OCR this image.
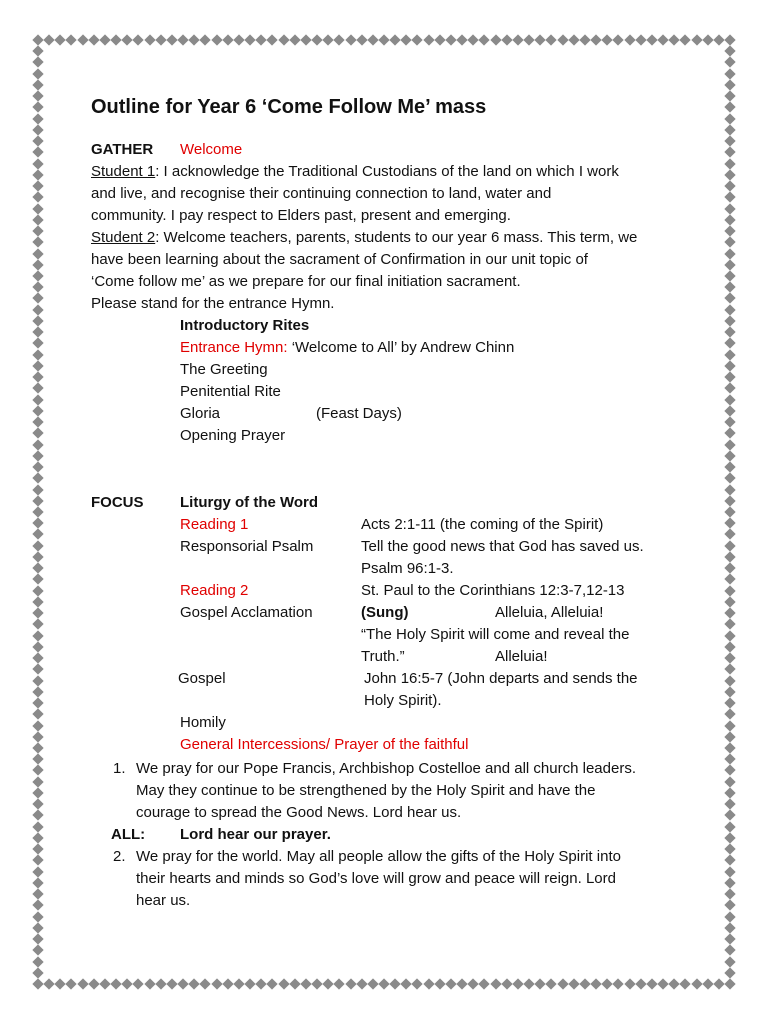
Outline for Year 6 ‘Come Follow Me’ mass
GATHER Welcome
Student 1: I acknowledge the Traditional Custodians of the land on which I work
and live, and recognise their continuing connection to land, water and
community. I pay respect to Elders past, present and emerging.
Student 2: Welcome teachers, parents, students to our year 6 mass. This term, we
have been learning about the sacrament of Confirmation in our unit topic of
‘Come follow me’ as we prepare for our final initiation sacrament.
Please stand for the entrance Hymn.
Introductory Rites
Entrance Hymn: ‘Welcome to All’ by Andrew Chinn
The Greeting
Penitential Rite
Gloria	(Feast Days)
Opening Prayer
FOCUS Liturgy of the Word
Reading 1	Acts 2:1-11 (the coming of the Spirit)
Responsorial Psalm	Tell the good news that God has saved us.
Psalm 96:1-3.
Reading 2	St. Paul to the Corinthians 12:3-7,12-13
Gospel Acclamation	(Sung)	Alleluia, Alleluia!
“The Holy Spirit will come and reveal the
Truth.”	Alleluia!
Gospel	John 16:5-7 (John departs and sends the
Holy Spirit).
Homily
General Intercessions/ Prayer of the faithful
1. We pray for our Pope Francis, Archbishop Costelloe and all church leaders.
May they continue to be strengthened by the Holy Spirit and have the
courage to spread the Good News. Lord hear us.
ALL: Lord hear our prayer.
2. We pray for the world. May all people allow the gifts of the Holy Spirit into
their hearts and minds so God’s love will grow and peace will reign. Lord
hear us.
